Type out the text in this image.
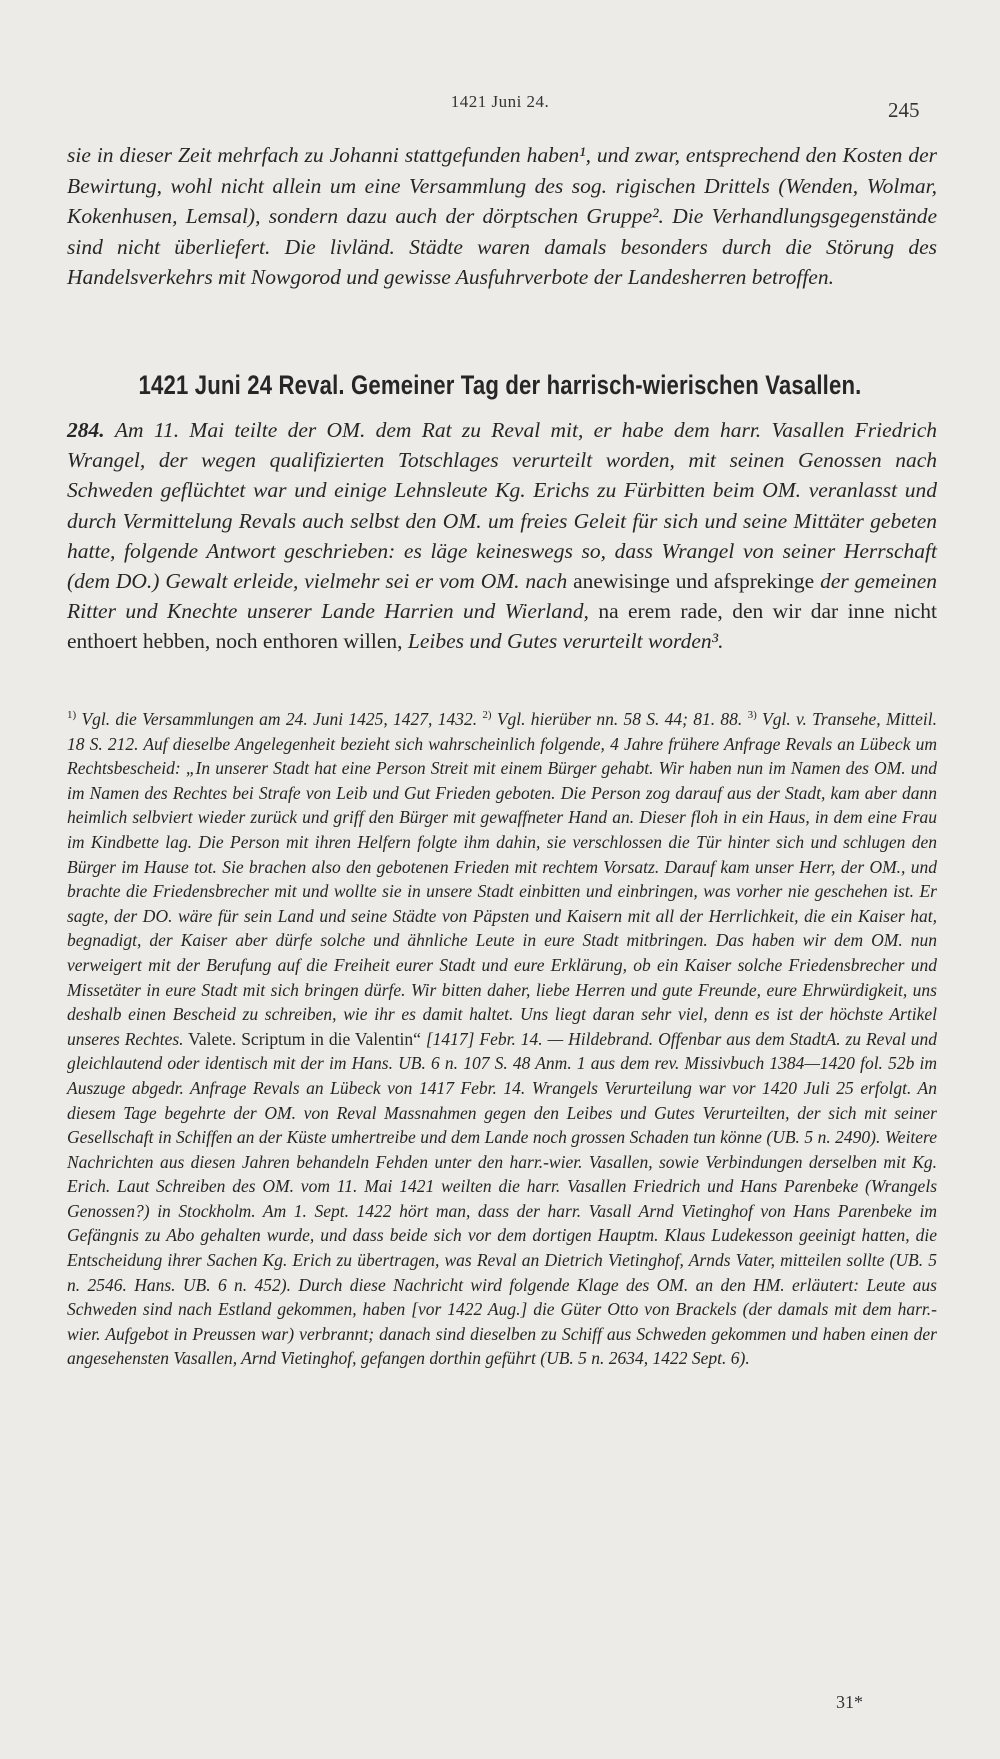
1421 Juni 24.	245

sie in dieser Zeit mehrfach zu Johanni stattgefunden haben¹, und zwar, entsprechend den Kosten der Bewirtung, wohl nicht allein um eine Versammlung des sog. rigischen Drittels (Wenden, Wolmar, Kokenhusen, Lemsal), sondern dazu auch der dörptschen Gruppe². Die Verhandlungsgegenstände sind nicht überliefert. Die livländ. Städte waren damals besonders durch die Störung des Handelsverkehrs mit Nowgorod und gewisse Ausfuhrverbote der Landesherren betroffen.

1421 Juni 24 Reval. Gemeiner Tag der harrisch-wierischen Vasallen.

284. Am 11. Mai teilte der OM. dem Rat zu Reval mit, er habe dem harr. Vasallen Friedrich Wrangel, der wegen qualifizierten Totschlages verurteilt worden, mit seinen Genossen nach Schweden geflüchtet war und einige Lehnsleute Kg. Erichs zu Fürbitten beim OM. veranlasst und durch Vermittelung Revals auch selbst den OM. um freies Geleit für sich und seine Mittäter gebeten hatte, folgende Antwort geschrieben: es läge keineswegs so, dass Wrangel von seiner Herrschaft (dem DO.) Gewalt erleide, vielmehr sei er vom OM. nach anewisinge und afsprekinge der gemeinen Ritter und Knechte unserer Lande Harrien und Wierland, na erem rade, den wir dar inne nicht enthoert hebben, noch enthoren willen, Leibes und Gutes verurteilt worden³.

$^{1)}$ Vgl. die Versammlungen am 24. Juni 1425, 1427, 1432. $^{2)}$ Vgl. hierüber nn. 58 S. 44; 81. 88. $^{3)}$ Vgl. v. Transehe, Mitteil. 18 S. 212. Auf dieselbe Angelegenheit bezieht sich wahrscheinlich folgende, 4 Jahre frühere Anfrage Revals an Lübeck um Rechtsbescheid: „In unserer Stadt hat eine Person Streit mit einem Bürger gehabt. Wir haben nun im Namen des OM. und im Namen des Rechtes bei Strafe von Leib und Gut Frieden geboten. Die Person zog darauf aus der Stadt, kam aber dann heimlich selbviert wieder zurück und griff den Bürger mit gewaffneter Hand an. Dieser floh in ein Haus, in dem eine Frau im Kindbette lag. Die Person mit ihren Helfern folgte ihm dahin, sie verschlossen die Tür hinter sich und schlugen den Bürger im Hause tot. Sie brachen also den gebotenen Frieden mit rechtem Vorsatz. Darauf kam unser Herr, der OM., und brachte die Friedensbrecher mit und wollte sie in unsere Stadt einbitten und einbringen, was vorher nie geschehen ist. Er sagte, der DO. wäre für sein Land und seine Städte von Päpsten und Kaisern mit all der Herrlichkeit, die ein Kaiser hat, begnadigt, der Kaiser aber dürfe solche und ähnliche Leute in eure Stadt mitbringen. Das haben wir dem OM. nun verweigert mit der Berufung auf die Freiheit eurer Stadt und eure Erklärung, ob ein Kaiser solche Friedensbrecher und Missetäter in eure Stadt mit sich bringen dürfe. Wir bitten daher, liebe Herren und gute Freunde, eure Ehrwürdigkeit, uns deshalb einen Bescheid zu schreiben, wie ihr es damit haltet. Uns liegt daran sehr viel, denn es ist der höchste Artikel unseres Rechtes. Valete. Scriptum in die Valentin“ [1417] Febr. 14. — Hildebrand. Offenbar aus dem StadtA. zu Reval und gleichlautend oder identisch mit der im Hans. UB. 6 n. 107 S. 48 Anm. 1 aus dem rev. Missivbuch 1384—1420 fol. 52b im Auszuge abgedr. Anfrage Revals an Lübeck von 1417 Febr. 14. Wrangels Verurteilung war vor 1420 Juli 25 erfolgt. An diesem Tage begehrte der OM. von Reval Massnahmen gegen den Leibes und Gutes Verurteilten, der sich mit seiner Gesellschaft in Schiffen an der Küste umhertreibe und dem Lande noch grossen Schaden tun könne (UB. 5 n. 2490). Weitere Nachrichten aus diesen Jahren behandeln Fehden unter den harr.-wier. Vasallen, sowie Verbindungen derselben mit Kg. Erich. Laut Schreiben des OM. vom 11. Mai 1421 weilten die harr. Vasallen Friedrich und Hans Parenbeke (Wrangels Genossen?) in Stockholm. Am 1. Sept. 1422 hört man, dass der harr. Vasall Arnd Vietinghof von Hans Parenbeke im Gefängnis zu Abo gehalten wurde, und dass beide sich vor dem dortigen Hauptm. Klaus Ludekesson geeinigt hatten, die Entscheidung ihrer Sachen Kg. Erich zu übertragen, was Reval an Dietrich Vietinghof, Arnds Vater, mitteilen sollte (UB. 5 n. 2546. Hans. UB. 6 n. 452). Durch diese Nachricht wird folgende Klage des OM. an den HM. erläutert: Leute aus Schweden sind nach Estland gekommen, haben [vor 1422 Aug.] die Güter Otto von Brackels (der damals mit dem harr.-wier. Aufgebot in Preussen war) verbrannt; danach sind dieselben zu Schiff aus Schweden gekommen und haben einen der angesehensten Vasallen, Arnd Vietinghof, gefangen dorthin geführt (UB. 5 n. 2634, 1422 Sept. 6).

31*
